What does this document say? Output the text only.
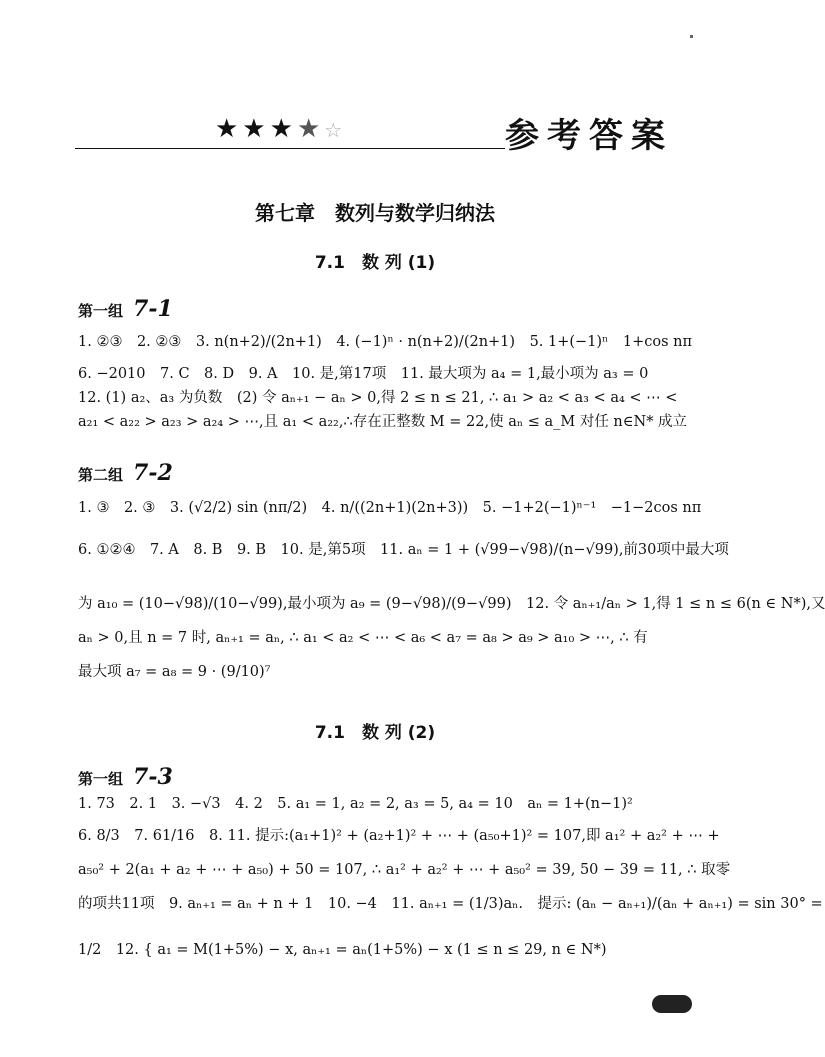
★★★★☆	参考答案
第七章　数列与数学归纳法
7.1　数 列 (1)
第一组 7-1
1. ②③　2. ②③　3. n(n+2)/(2n+1)　4. (−1)ⁿ · n(n+2)/(2n+1)　5. 1+(−1)ⁿ　1+cos nπ
6. −2010　7. C　8. D　9. A　10. 是,第17项　11. 最大项为 a₄ = 1,最小项为 a₃ = 0
12. (1) a₂、a₃ 为负数　(2) 令 aₙ₊₁ − aₙ > 0,得 2 ≤ n ≤ 21, ∴ a₁ > a₂ < a₃ < a₄ < ⋯ <
a₂₁ < a₂₂ > a₂₃ > a₂₄ > ⋯,且 a₁ < a₂₂,∴存在正整数 M = 22,使 aₙ ≤ a_M 对任 n∈N* 成立
第二组 7-2
1. ③　2. ③　3. (√2/2) sin (nπ/2)　4. n/((2n+1)(2n+3))　5. −1+2(−1)ⁿ⁻¹　−1−2cos nπ
6. ①②④　7. A　8. B　9. B　10. 是,第5项　11. aₙ = 1 + (√99−√98)/(n−√99),前30项中最大项
为 a₁₀ = (10−√98)/(10−√99),最小项为 a₉ = (9−√98)/(9−√99)　12. 令 aₙ₊₁/aₙ > 1,得 1 ≤ n ≤ 6(n ∈ N*),又
aₙ > 0,且 n = 7 时, aₙ₊₁ = aₙ, ∴ a₁ < a₂ < ⋯ < a₆ < a₇ = a₈ > a₉ > a₁₀ > ⋯, ∴ 有
最大项 a₇ = a₈ = 9 · (9/10)⁷
7.1　数 列 (2)
第一组 7-3
1. 73　2. 1　3. −√3　4. 2　5. a₁ = 1, a₂ = 2, a₃ = 5, a₄ = 10　aₙ = 1+(n−1)²
6. 8/3　7. 61/16　8. 11. 提示:(a₁+1)² + (a₂+1)² + ⋯ + (a₅₀+1)² = 107,即 a₁² + a₂² + ⋯ +
a₅₀² + 2(a₁ + a₂ + ⋯ + a₅₀) + 50 = 107, ∴ a₁² + a₂² + ⋯ + a₅₀² = 39, 50 − 39 = 11, ∴ 取零
的项共11项　9. aₙ₊₁ = aₙ + n + 1　10. −4　11. aₙ₊₁ = (1/3)aₙ.　提示: (aₙ − aₙ₊₁)/(aₙ + aₙ₊₁) = sin 30° =
1/2　12. { a₁ = M(1+5%) − x, aₙ₊₁ = aₙ(1+5%) − x (1 ≤ n ≤ 29, n ∈ N*)
